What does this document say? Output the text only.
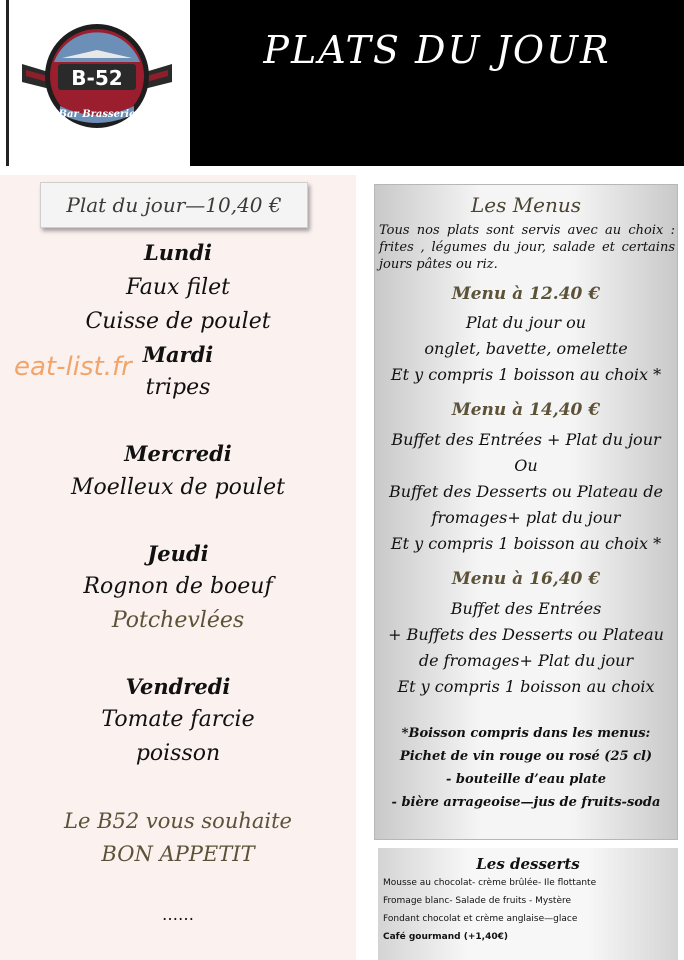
B-52
Bar Brasserie
PLATS DU JOUR
Plat du jour—10,40 €
Lundi
Faux filet
Cuisse de poulet
Mardi
tripes
eat-list.fr
Mercredi
Moelleux de poulet
Jeudi
Rognon de boeuf
Potchevlées
Vendredi
Tomate farcie
poisson
Le B52 vous souhaite
BON APPETIT
……
Les Menus
Tous nos plats sont servis avec au choix : frites , légumes du jour, salade et certains jours pâtes ou riz.
Menu à 12.40 €
Plat du jour ou
onglet, bavette, omelette
Et y compris 1 boisson au choix *
Menu à 14,40 €
Buffet des Entrées + Plat du jour
Ou
Buffet des Desserts ou Plateau de
fromages+ plat du jour
Et y compris 1 boisson au choix *
Menu à 16,40 €
Buffet des Entrées
+ Buffets des Desserts ou Plateau
de fromages+ Plat du jour
Et y compris 1 boisson au choix
*Boisson compris dans les menus:
Pichet de vin rouge ou rosé (25 cl)
- bouteille d’eau plate
- bière arrageoise—jus de fruits-soda
Les desserts
Mousse au chocolat- crème brûlée- Ile flottante
Fromage blanc- Salade de fruits - Mystère
Fondant chocolat et crème anglaise—glace
Café gourmand (+1,40€)
